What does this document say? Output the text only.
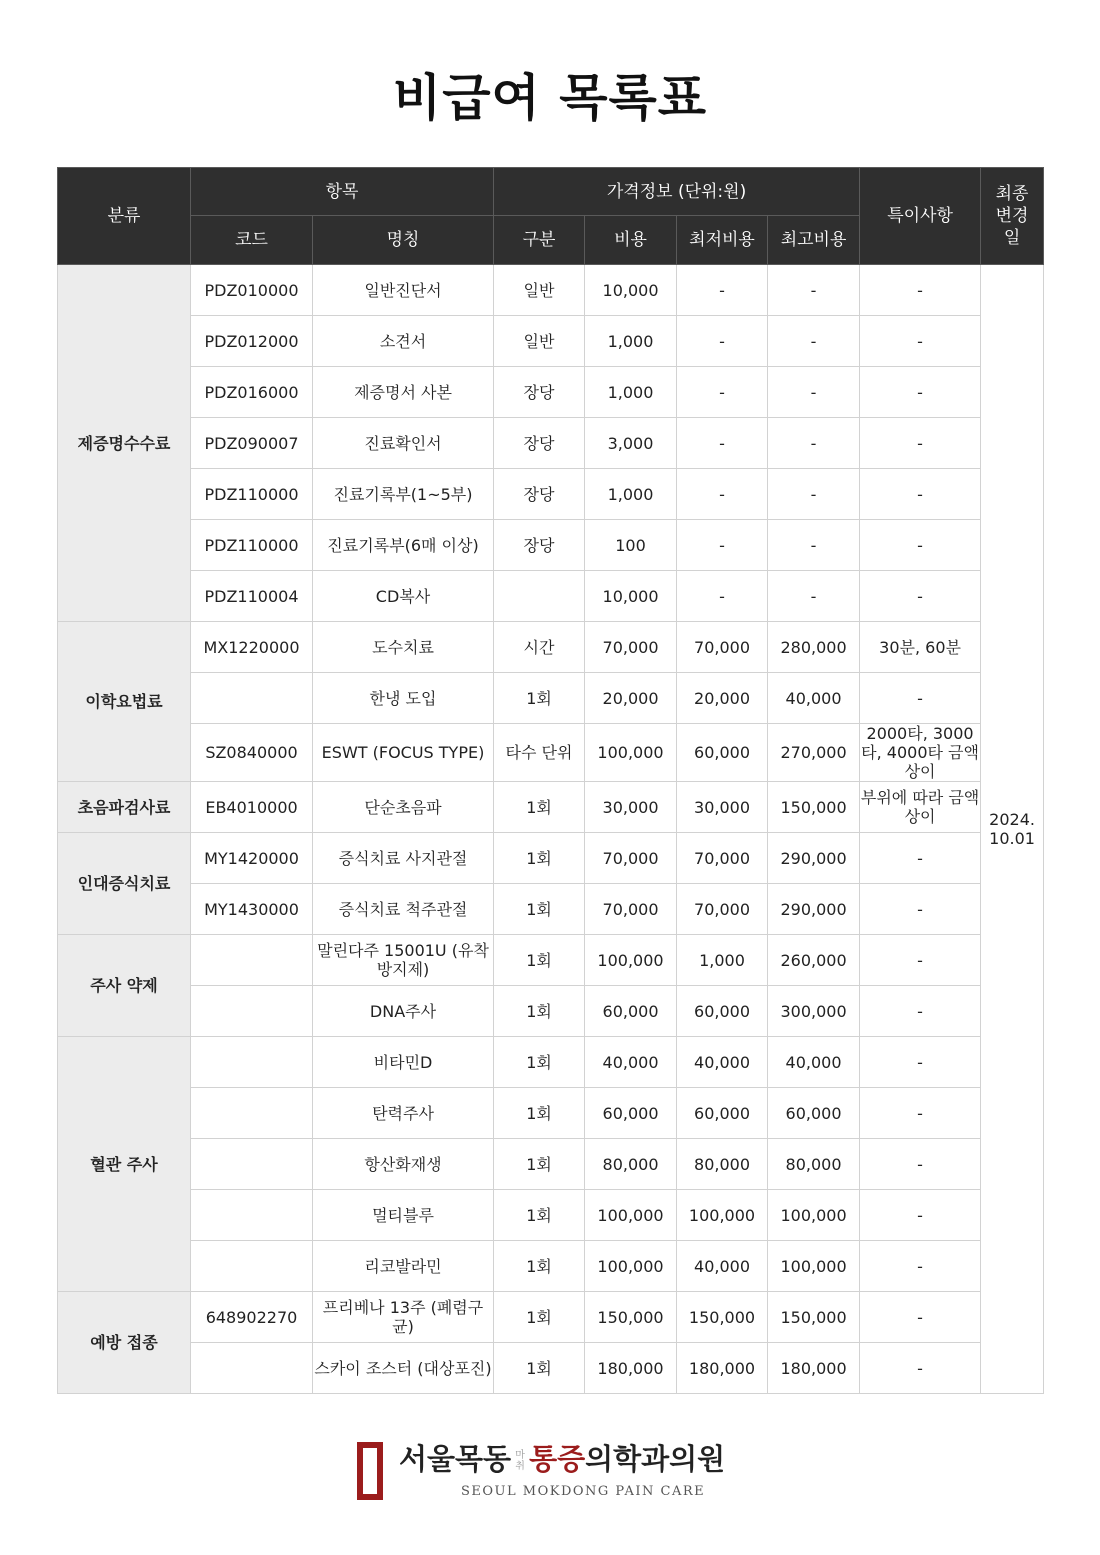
비급여 목록표
분류	항목		가격정보 (단위:원)				특이사항	최종 변경일
	코드	명칭	구분	비용	최저비용	최고비용		
제증명수수료	PDZ010000	일반진단서	일반	10,000	-	-	-	2024. 10.01
	PDZ012000	소견서	일반	1,000	-	-	-	
	PDZ016000	제증명서 사본	장당	1,000	-	-	-	
	PDZ090007	진료확인서	장당	3,000	-	-	-	
	PDZ110000	진료기록부(1~5부)	장당	1,000	-	-	-	
	PDZ110000	진료기록부(6매 이상)	장당	100	-	-	-	
	PDZ110004	CD복사		10,000	-	-	-	
이학요법료	MX1220000	도수치료	시간	70,000	70,000	280,000	30분, 60분	
		한냉 도입	1회	20,000	20,000	40,000	-	
	SZ0840000	ESWT (FOCUS TYPE)	타수 단위	100,000	60,000	270,000	2000타, 3000타, 4000타 금액상이	
초음파검사료	EB4010000	단순초음파	1회	30,000	30,000	150,000	부위에 따라 금액상이	
인대증식치료	MY1420000	증식치료 사지관절	1회	70,000	70,000	290,000	-	
	MY1430000	증식치료 척주관절	1회	70,000	70,000	290,000	-	
주사 약제		말린다주 15001U (유착방지제)	1회	100,000	1,000	260,000	-	
		DNA주사	1회	60,000	60,000	300,000	-	
혈관 주사		비타민D	1회	40,000	40,000	40,000	-	
		탄력주사	1회	60,000	60,000	60,000	-	
		항산화재생	1회	80,000	80,000	80,000	-	
		멀티블루	1회	100,000	100,000	100,000	-	
		리코발라민	1회	100,000	40,000	100,000	-	
예방 접종	648902270	프리베나 13주 (폐렴구균)	1회	150,000	150,000	150,000	-	
		스카이 조스터 (대상포진)	1회	180,000	180,000	180,000	-	
서울목동 마
취 통증의학과의원
SEOUL MOKDONG PAIN CARE
